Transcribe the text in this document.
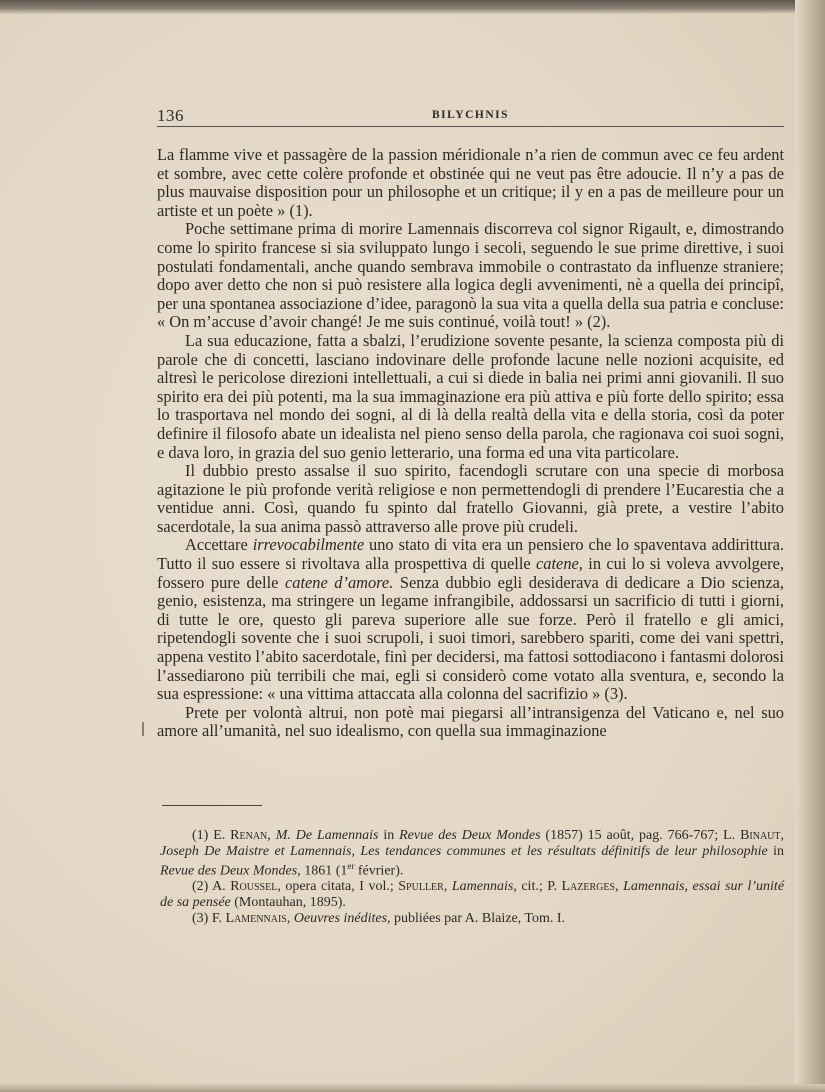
136	BILYCHNIS

La flamme vive et passagère de la passion méridionale n’a rien de commun avec ce feu ardent et sombre, avec cette colère profonde et obstinée qui ne veut pas être adoucie. Il n’y a pas de plus mauvaise disposition pour un philosophe et un critique; il y en a pas de meilleure pour un artiste et un poète » (1).

Poche settimane prima di morire Lamennais discorreva col signor Rigault, e, dimostrando come lo spirito francese si sia sviluppato lungo i secoli, seguendo le sue prime direttive, i suoi postulati fondamentali, anche quando sembrava immobile o contrastato da influenze straniere; dopo aver detto che non si può resistere alla logica degli avvenimenti, nè a quella dei principî, per una spontanea associazione d’idee, paragonò la sua vita a quella della sua patria e concluse: « On m’accuse d’avoir changé! Je me suis continué, voilà tout! » (2).

La sua educazione, fatta a sbalzi, l’erudizione sovente pesante, la scienza composta più di parole che di concetti, lasciano indovinare delle profonde lacune nelle nozioni acquisite, ed altresì le pericolose direzioni intellettuali, a cui si diede in balia nei primi anni giovanili. Il suo spirito era dei più potenti, ma la sua immaginazione era più attiva e più forte dello spirito; essa lo trasportava nel mondo dei sogni, al di là della realtà della vita e della storia, così da poter definire il filosofo abate un idealista nel pieno senso della parola, che ragionava coi suoi sogni, e dava loro, in grazia del suo genio letterario, una forma ed una vita particolare.

Il dubbio presto assalse il suo spirito, facendogli scrutare con una specie di morbosa agitazione le più profonde verità religiose e non permettendogli di prendere l’Eucarestia che a ventidue anni. Così, quando fu spinto dal fratello Giovanni, già prete, a vestire l’abito sacerdotale, la sua anima passò attraverso alle prove più crudeli.

Accettare irrevocabilmente uno stato di vita era un pensiero che lo spaventava addirittura. Tutto il suo essere si rivoltava alla prospettiva di quelle catene, in cui lo si voleva avvolgere, fossero pure delle catene d’amore. Senza dubbio egli desiderava di dedicare a Dio scienza, genio, esistenza, ma stringere un legame infrangibile, addossarsi un sacrificio di tutti i giorni, di tutte le ore, questo gli pareva superiore alle sue forze. Però il fratello e gli amici, ripetendogli sovente che i suoi scrupoli, i suoi timori, sarebbero spariti, come dei vani spettri, appena vestito l’abito sacerdotale, finì per decidersi, ma fattosi sottodiacono i fantasmi dolorosi l’assediarono più terribili che mai, egli si considerò come votato alla sventura, e, secondo la sua espressione: « una vittima attaccata alla colonna del sacrifizio » (3).

Prete per volontà altrui, non potè mai piegarsi all’intransigenza del Vaticano e, nel suo amore all’umanità, nel suo idealismo, con quella sua immaginazione

(1) E. Renan, M. De Lamennais in Revue des Deux Mondes (1857) 15 août, pag. 766-767; L. Binaut, Joseph De Maistre et Lamennais, Les tendances communes et les résultats définitifs de leur philosophie in Revue des Deux Mondes, 1861 (1er février).

(2) A. Roussel, opera citata, I vol.; Spuller, Lamennais, cit.; P. Lazerges, Lamennais, essai sur l’unité de sa pensée (Montauhan, 1895).

(3) F. Lamennais, Oeuvres inédites, publiées par A. Blaize, Tom. I.
